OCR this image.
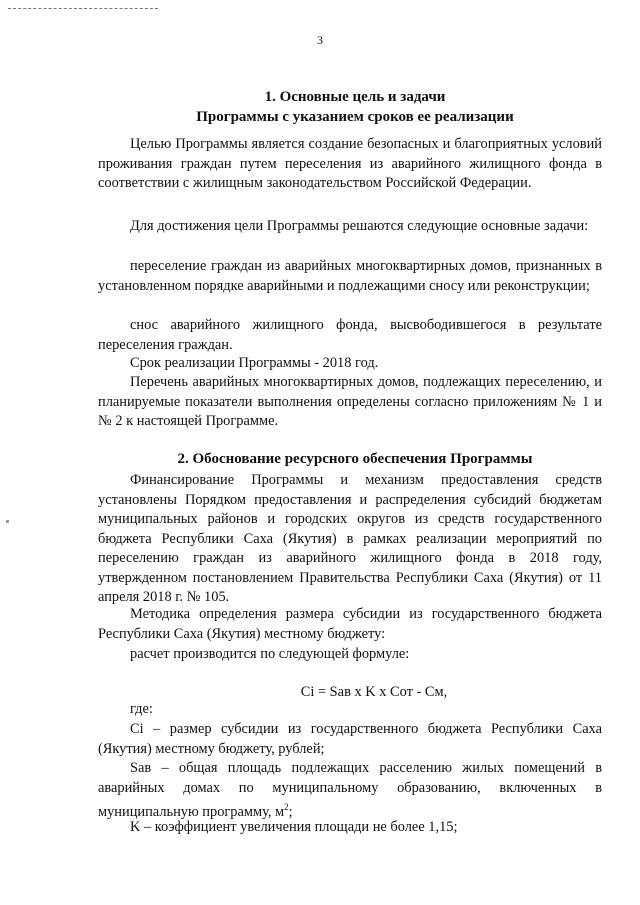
3
1. Основные цель и задачи
Программы с указанием сроков ее реализации
Целью Программы является создание безопасных и благоприятных условий проживания граждан путем переселения из аварийного жилищного фонда в соответствии с жилищным законодательством Российской Федерации.
Для достижения цели Программы решаются следующие основные задачи:
переселение граждан из аварийных многоквартирных домов, признанных в установленном порядке аварийными и подлежащими сносу или реконструкции;
снос аварийного жилищного фонда, высвободившегося в результате переселения граждан.
Срок реализации Программы - 2018 год.
Перечень аварийных многоквартирных домов, подлежащих переселению, и планируемые показатели выполнения определены согласно приложениям № 1 и № 2 к настоящей Программе.
2. Обоснование ресурсного обеспечения Программы
Финансирование Программы и механизм предоставления средств установлены Порядком предоставления и распределения субсидий бюджетам муниципальных районов и городских округов из средств государственного бюджета Республики Саха (Якутия) в рамках реализации мероприятий по переселению граждан из аварийного жилищного фонда в 2018 году, утвержденном постановлением Правительства Республики Саха (Якутия) от 11 апреля 2018 г. № 105.
Методика определения размера субсидии из государственного бюджета Республики Саха (Якутия) местному бюджету:
расчет производится по следующей формуле:
Ci = Sав x K x Cот - Cм,
где:
Ci – размер субсидии из государственного бюджета Республики Саха (Якутия) местному бюджету, рублей;
Sав – общая площадь подлежащих расселению жилых помещений в аварийных домах по муниципальному образованию, включенных в муниципальную программу, $м^2$;
K – коэффициент увеличения площади не более 1,15;
